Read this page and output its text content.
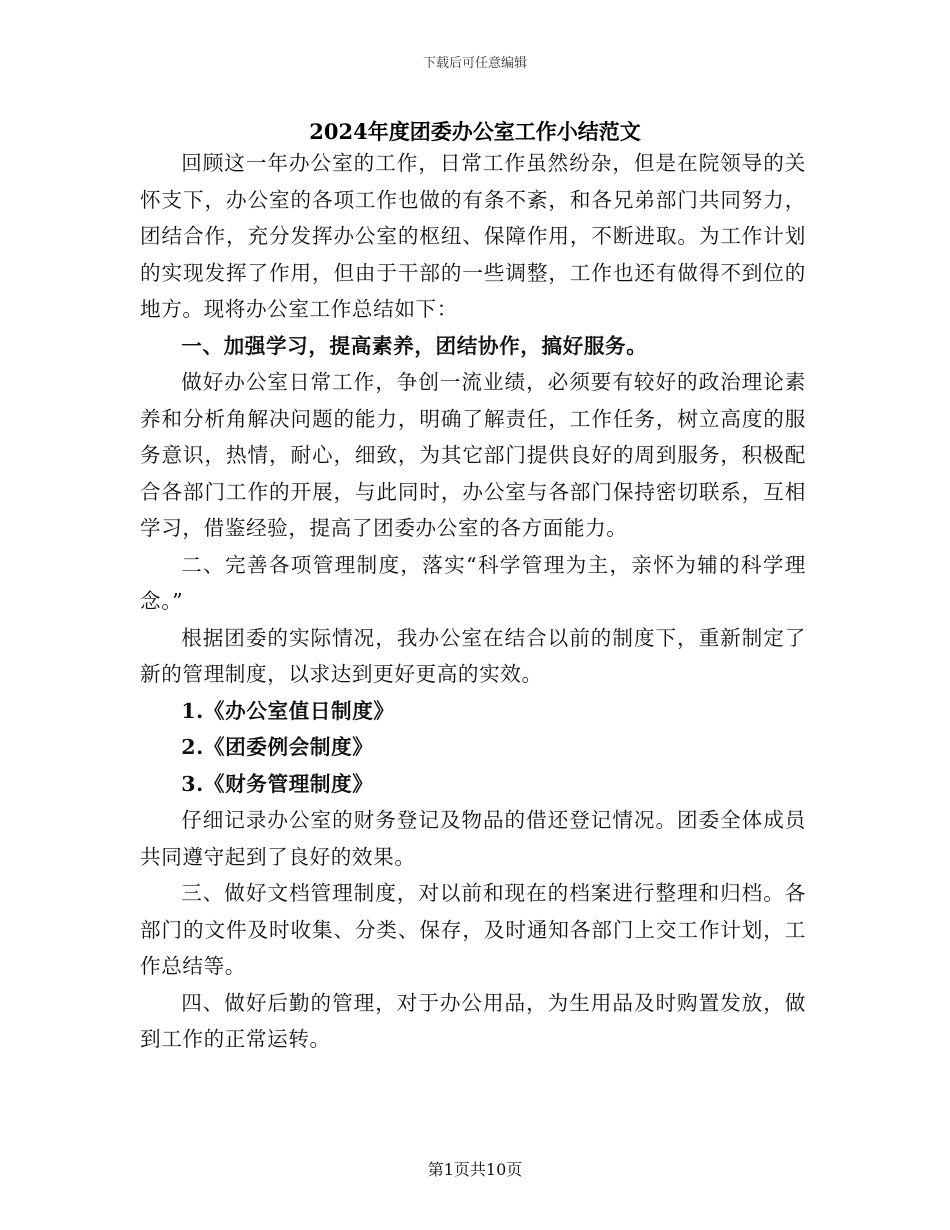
下载后可任意编辑
2024年度团委办公室工作小结范文

回顾这一年办公室的工作，日常工作虽然纷杂，但是在院领导的关怀支下，办公室的各项工作也做的有条不紊，和各兄弟部门共同努力，团结合作，充分发挥办公室的枢纽、保障作用，不断进取。为工作计划的实现发挥了作用，但由于干部的一些调整，工作也还有做得不到位的地方。现将办公室工作总结如下：

一、加强学习，提高素养，团结协作，搞好服务。

做好办公室日常工作，争创一流业绩，必须要有较好的政治理论素养和分析角解决问题的能力，明确了解责任，工作任务，树立高度的服务意识，热情，耐心，细致，为其它部门提供良好的周到服务，积极配合各部门工作的开展，与此同时，办公室与各部门保持密切联系，互相学习，借鉴经验，提高了团委办公室的各方面能力。

二、完善各项管理制度，落实“科学管理为主，亲怀为辅的科学理念。”

根据团委的实际情况，我办公室在结合以前的制度下，重新制定了新的管理制度，以求达到更好更高的实效。

1.《办公室值日制度》

2.《团委例会制度》

3.《财务管理制度》

仔细记录办公室的财务登记及物品的借还登记情况。团委全体成员共同遵守起到了良好的效果。

三、做好文档管理制度，对以前和现在的档案进行整理和归档。各部门的文件及时收集、分类、保存，及时通知各部门上交工作计划，工作总结等。

四、做好后勤的管理，对于办公用品，为生用品及时购置发放，做到工作的正常运转。

第1页共10页
